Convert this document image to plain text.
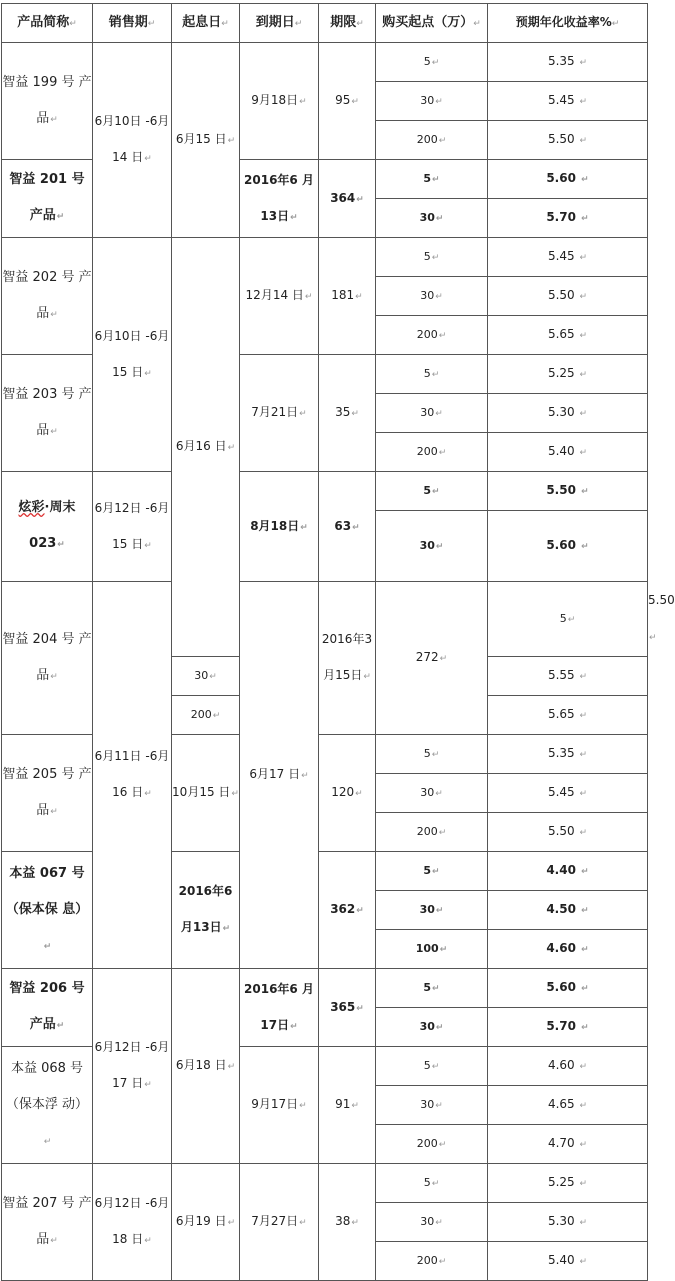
产品简称↵	销售期↵	起息日↵	到期日↵	期限↵	购买起点（万）↵	预期年化收益率%↵	
智益 199 号 产品↵	6月10日 -6月14 日↵	6月15 日↵	9月18日↵	95↵	5↵	5.35 ↵	
					30↵	5.45 ↵	
					200↵	5.50 ↵	
智益 201 号 产品↵			2016年6 月13日↵	364↵	5↵	5.60 ↵	
					30↵	5.70 ↵	
智益 202 号 产品↵	6月10日 -6月15 日↵	6月16 日↵	12月14 日↵	181↵	5↵	5.45 ↵	
					30↵	5.50 ↵	
					200↵	5.65 ↵	
智益 203 号 产品↵			7月21日↵	35↵	5↵	5.25 ↵	
					30↵	5.30 ↵	
					200↵	5.40 ↵	
炫彩·周末 023↵	6月12日 -6月15 日↵		8月18日↵	63↵	5↵	5.50 ↵	
					30↵	5.60 ↵	
智益 204 号 产品↵	6月11日 -6月16 日↵		6月17 日↵	2016年3 月15日↵	272↵	5↵	5.50 ↵
		30↵				5.55 ↵	
		200↵				5.65 ↵	
智益 205 号 产品↵		10月15 日↵		120↵	5↵	5.35 ↵	
					30↵	5.45 ↵	
					200↵	5.50 ↵	
本益 067 号 （保本保 息）↵		2016年6 月13日↵		362↵	5↵	4.40 ↵	
					30↵	4.50 ↵	
					100↵	4.60 ↵	
智益 206 号 产品↵	6月12日 -6月17 日↵	6月18 日↵	2016年6 月17日↵	365↵	5↵	5.60 ↵	
					30↵	5.70 ↵	
本益 068 号 （保本浮 动）↵			9月17日↵	91↵	5↵	4.60 ↵	
					30↵	4.65 ↵	
					200↵	4.70 ↵	
智益 207 号 产品↵	6月12日 -6月18 日↵	6月19 日↵	7月27日↵	38↵	5↵	5.25 ↵	
					30↵	5.30 ↵	
					200↵	5.40 ↵	
